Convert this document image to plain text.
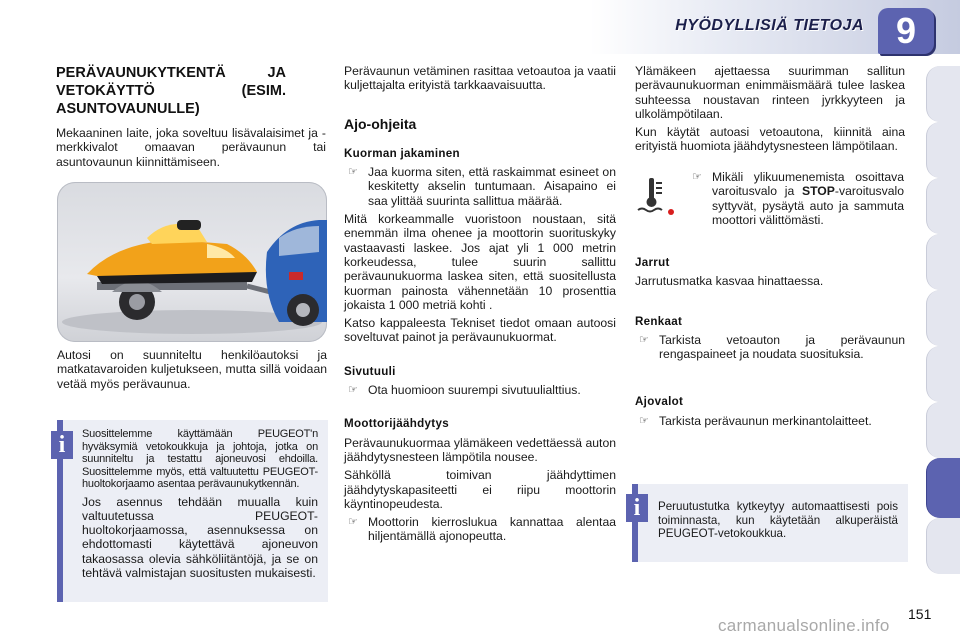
HYÖDYLLISIÄ TIETOJA 9
PERÄVAUNUKYTKENTÄ JA VETOKÄYTTÖ (ESIM. ASUNTOVAUNULLE)

Mekaaninen laite, joka soveltuu lisävalaisimet ja -merkkivalot omaavan perävaunun tai asuntovaunun kiinnittämiseen.

Autosi on suunniteltu henkilöautoksi ja matkatavaroiden kuljetukseen, mutta sillä voidaan vetää myös perävaunua.

i	Suosittelemme käyttämään PEUGEOT'n hyväksymiä vetokoukkuja ja johtoja, jotka on suunniteltu ja testattu ajoneuvosi ehdoilla. Suosittelemme myös, että valtuutettu PEUGEOT-huoltokorjaamo asentaa perävaunukytkennän.

Jos asennus tehdään muualla kuin valtuutetussa PEUGEOT-huoltokorjaamossa, asennuksessa on ehdottomasti käytettävä ajoneuvon takaosassa olevia sähköliitäntöjä, ja se on tehtävä valmistajan suositusten mukaisesti.

Perävaunun vetäminen rasittaa vetoautoa ja vaatii kuljettajalta erityistä tarkkaavaisuutta.

Ajo-ohjeita
Kuorman jakaminen
☞ Jaa kuorma siten, että raskaimmat esineet on keskitetty akselin tuntumaan. Aisapaino ei saa ylittää suurinta sallittua määrää.

Mitä korkeammalle vuoristoon noustaan, sitä enemmän ilma ohenee ja moottorin suorituskyky vastaavasti laskee. Jos ajat yli 1 000 metrin korkeudessa, tulee suurin sallittu perävaunukuorma laskea siten, että suositellusta kuorman painosta vähennetään 10 prosenttia jokaista 1 000 metriä kohti .

Katso kappaleesta Tekniset tiedot omaan autoosi soveltuvat painot ja perävaunukuormat.

Sivutuuli
☞ Ota huomioon suurempi sivutuulialttius.

Moottorijäähdytys

Perävaunukuormaa ylämäkeen vedettäessä auton jäähdytysnesteen lämpötila nousee.

Sähköllä toimivan jäähdyttimen jäähdytyskapasiteetti ei riipu moottorin käyntinopeudesta.

☞ Moottorin kierroslukua kannattaa alentaa hiljentämällä ajonopeutta.

Ylämäkeen ajettaessa suurimman sallitun perävaunukuorman enimmäismäärä tulee laskea suhteessa noustavan rinteen jyrkkyyteen ja ulkolämpötilaan.

Kun käytät autoasi vetoautona, kiinnitä aina erityistä huomiota jäähdytysnesteen lämpötilaan.

☞ Mikäli ylikuumenemista osoittava varoitusvalo ja STOP-varoitusvalo syttyvät, pysäytä auto ja sammuta moottori välittömästi.

Jarrut

Jarrutusmatka kasvaa hinattaessa.

Renkaat
☞ Tarkista vetoauton ja perävaunun rengaspaineet ja noudata suosituksia.

Ajovalot
☞ Tarkista perävaunun merkinantolaitteet.

i	Peruutustutka kytkeytyy automaattisesti pois toiminnasta, kun käytetään alkuperäistä PEUGEOT-vetokoukkua.

151
carmanualsonline.info
